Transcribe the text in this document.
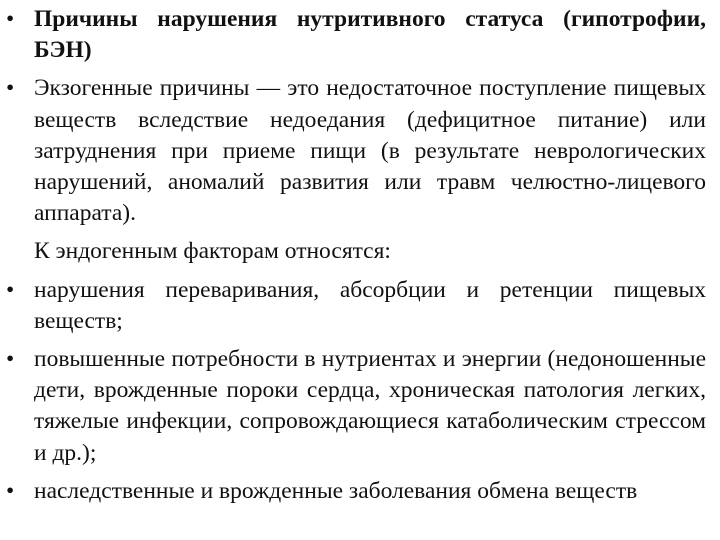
• Причины нарушения нутритивного статуса (гипотрофии, БЭН)
• Экзогенные причины — это недостаточное поступление пищевых веществ вследствие недоедания (дефицитное питание) или затруднения при приеме пищи (в результате неврологических нарушений, аномалий развития или травм челюстно-лицевого аппарата).
К эндогенным факторам относятся:
• нарушения переваривания, абсорбции и ретенции пищевых веществ;
• повышенные потребности в нутриентах и энергии (недоношенные дети, врожденные пороки сердца, хроническая патология легких, тяжелые инфекции, сопровождающиеся катаболическим стрессом и др.);
• наследственные и врожденные заболевания обмена веществ
